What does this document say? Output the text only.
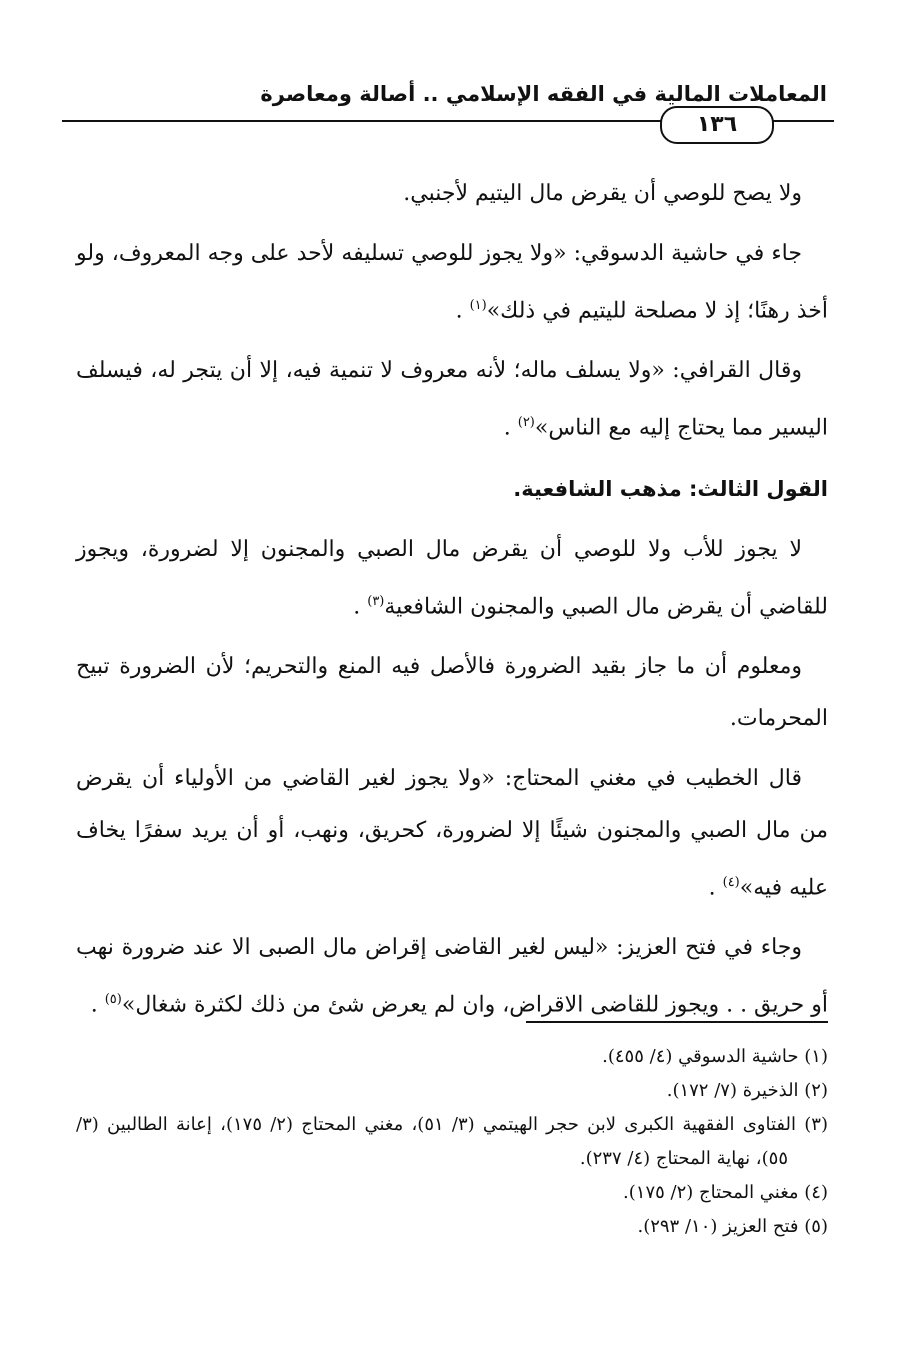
المعاملات المالية في الفقه الإسلامي .. أصالة ومعاصرة
١٣٦

ولا يصح للوصي أن يقرض مال اليتيم لأجنبي.

جاء في حاشية الدسوقي: «ولا يجوز للوصي تسليفه لأحد على وجه المعروف، ولو أخذ رهنًا؛ إذ لا مصلحة لليتيم في ذلك»$^{(١)}$ .

وقال القرافي: «ولا يسلف ماله؛ لأنه معروف لا تنمية فيه، إلا أن يتجر له، فيسلف اليسير مما يحتاج إليه مع الناس»$^{(٢)}$ .

القول الثالث: مذهب الشافعية.

لا يجوز للأب ولا للوصي أن يقرض مال الصبي والمجنون إلا لضرورة، ويجوز للقاضي أن يقرض مال الصبي والمجنون الشافعية$^{(٣)}$ .

ومعلوم أن ما جاز بقيد الضرورة فالأصل فيه المنع والتحريم؛ لأن الضرورة تبيح المحرمات.

قال الخطيب في مغني المحتاج: «ولا يجوز لغير القاضي من الأولياء أن يقرض من مال الصبي والمجنون شيئًا إلا لضرورة، كحريق، ونهب، أو أن يريد سفرًا يخاف عليه فيه»$^{(٤)}$ .

وجاء في فتح العزيز: «ليس لغير القاضى إقراض مال الصبى الا عند ضرورة نهب أو حريق . . ويجوز للقاضى الاقراض، وان لم يعرض شئ من ذلك لكثرة شغال»$^{(٥)}$ .

(١) حاشية الدسوقي (٤/ ٤٥٥).

(٢) الذخيرة (٧/ ١٧٢).

(٣) الفتاوى الفقهية الكبرى لابن حجر الهيتمي (٣/ ٥١)، مغني المحتاج (٢/ ١٧٥)، إعانة الطالبين (٣/ ٥٥)، نهاية المحتاج (٤/ ٢٣٧).

(٤) مغني المحتاج (٢/ ١٧٥).

(٥) فتح العزيز (١٠/ ٢٩٣).
